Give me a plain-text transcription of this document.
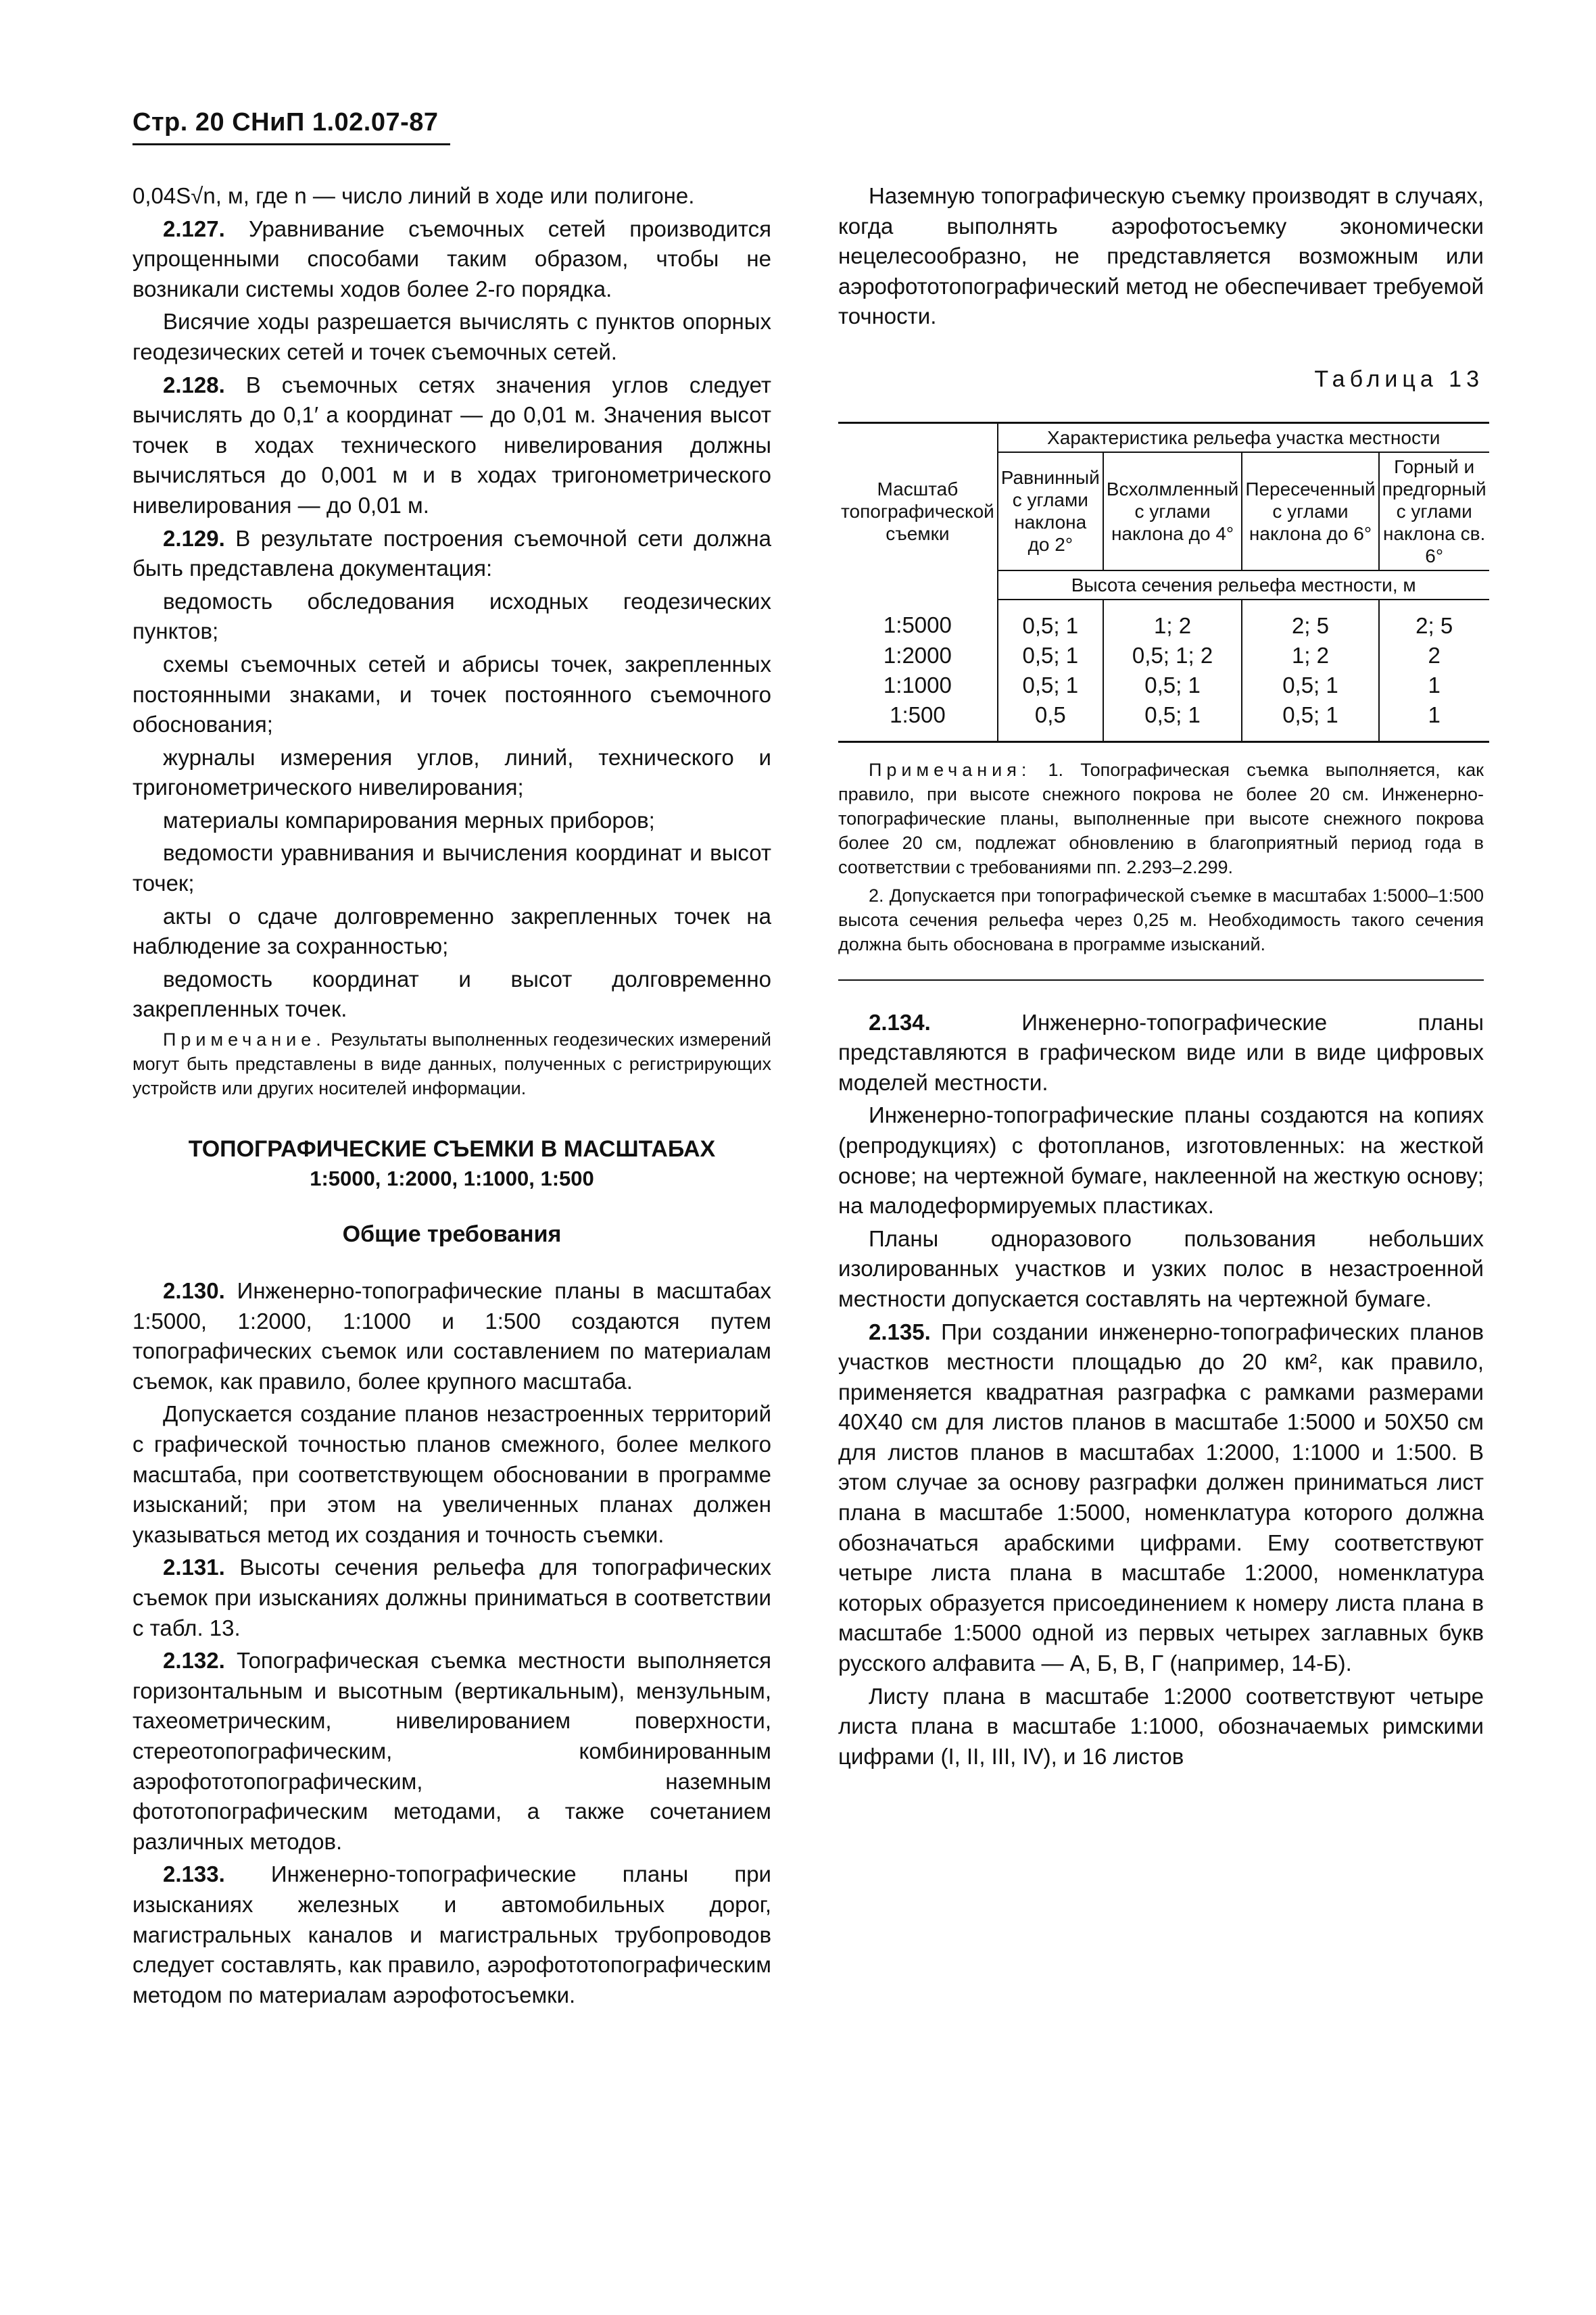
Стр. 20 СНиП 1.02.07-87

0,04S√n, м, где n — число линий в ходе или полигоне.

2.127. Уравнивание съемочных сетей производится упрощенными способами таким образом, чтобы не возникали системы ходов более 2-го порядка.

Висячие ходы разрешается вычислять с пунктов опорных геодезических сетей и точек съемочных сетей.

2.128. В съемочных сетях значения углов следует вычислять до 0,1′ а координат — до 0,01 м. Значения высот точек в ходах технического нивелирования должны вычисляться до 0,001 м и в ходах тригонометрического нивелирования — до 0,01 м.

2.129. В результате построения съемочной сети должна быть представлена документация:

ведомость обследования исходных геодезических пунктов;

схемы съемочных сетей и абрисы точек, закрепленных постоянными знаками, и точек постоянного съемочного обоснования;

журналы измерения углов, линий, технического и тригонометрического нивелирования;

материалы компарирования мерных приборов;

ведомости уравнивания и вычисления координат и высот точек;

акты о сдаче долговременно закрепленных точек на наблюдение за сохранностью;

ведомость координат и высот долговременно закрепленных точек.

Примечание. Результаты выполненных геодезических измерений могут быть представлены в виде данных, полученных с регистрирующих устройств или других носителей информации.

ТОПОГРАФИЧЕСКИЕ СЪЕМКИ В МАСШТАБАХ
1:5000, 1:2000, 1:1000, 1:500
Общие требования

2.130. Инженерно-топографические планы в масштабах 1:5000, 1:2000, 1:1000 и 1:500 создаются путем топографических съемок или составлением по материалам съемок, как правило, более крупного масштаба.

Допускается создание планов незастроенных территорий с графической точностью планов смежного, более мелкого масштаба, при соответствующем обосновании в программе изысканий; при этом на увеличенных планах должен указываться метод их создания и точность съемки.

2.131. Высоты сечения рельефа для топографических съемок при изысканиях должны приниматься в соответствии с табл. 13.

2.132. Топографическая съемка местности выполняется горизонтальным и высотным (вертикальным), мензульным, тахеометрическим, нивелированием поверхности, стереотопографическим, комбинированным аэрофототопографическим, наземным фототопографическим методами, а также сочетанием различных методов.

2.133. Инженерно-топографические планы при изысканиях железных и автомобильных дорог, магистральных каналов и магистральных трубопроводов следует составлять, как правило, аэрофототопографическим методом по материалам аэрофотосъемки.

Наземную топографическую съемку производят в случаях, когда выполнять аэрофотосъемку экономически нецелесообразно, не представляется возможным или аэрофототопографический метод не обеспечивает требуемой точности.

Таблица 13
Масштаб топографической съемки	Характеристика рельефа участка местности			
	Равнинный с углами наклона до 2°	Всхолмленный с углами наклона до 4°	Пересеченный с углами наклона до 6°	Горный и предгорный с углами наклона св. 6°
	Высота сечения рельефа местности, м			
1:5000	0,5; 1	1; 2	2; 5	2; 5
1:2000	0,5; 1	0,5; 1; 2	1; 2	2
1:1000	0,5; 1	0,5; 1	0,5; 1	1
1:500	0,5	0,5; 1	0,5; 1	1

Примечания: 1. Топографическая съемка выполняется, как правило, при высоте снежного покрова не более 20 см. Инженерно-топографические планы, выполненные при высоте снежного покрова более 20 см, подлежат обновлению в благоприятный период года в соответствии с требованиями пп. 2.293–2.299.

2. Допускается при топографической съемке в масштабах 1:5000–1:500 высота сечения рельефа через 0,25 м. Необходимость такого сечения должна быть обоснована в программе изысканий.

2.134. Инженерно-топографические планы представляются в графическом виде или в виде цифровых моделей местности.

Инженерно-топографические планы создаются на копиях (репродукциях) с фотопланов, изготовленных: на жесткой основе; на чертежной бумаге, наклеенной на жесткую основу; на малодеформируемых пластиках.

Планы одноразового пользования небольших изолированных участков и узких полос в незастроенной местности допускается составлять на чертежной бумаге.

2.135. При создании инженерно-топографических планов участков местности площадью до 20 км², как правило, применяется квадратная разграфка с рамками размерами 40Х40 см для листов планов в масштабе 1:5000 и 50Х50 см для листов планов в масштабах 1:2000, 1:1000 и 1:500. В этом случае за основу разграфки должен приниматься лист плана в масштабе 1:5000, номенклатура которого должна обозначаться арабскими цифрами. Ему соответствуют четыре листа плана в масштабе 1:2000, номенклатура которых образуется присоединением к номеру листа плана в масштабе 1:5000 одной из первых четырех заглавных букв русского алфавита — А, Б, В, Г (например, 14-Б).

Листу плана в масштабе 1:2000 соответствуют четыре листа плана в масштабе 1:1000, обозначаемых римскими цифрами (I, II, III, IV), и 16 листов
